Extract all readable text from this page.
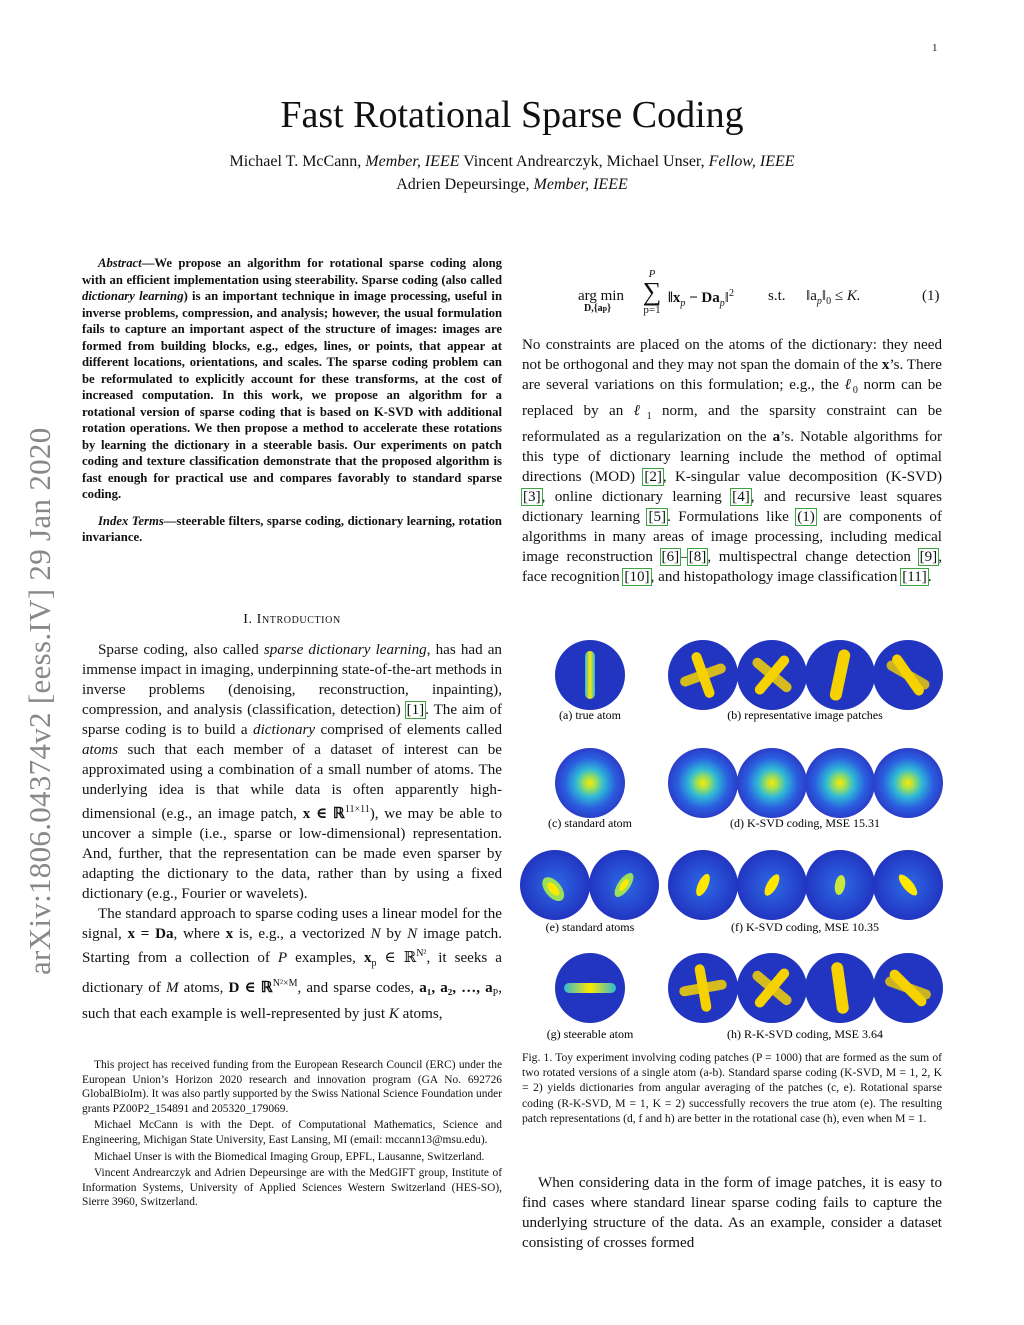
1
Fast Rotational Sparse Coding
Michael T. McCann, Member, IEEE Vincent Andrearczyk, Michael Unser, Fellow, IEEE
Adrien Depeursinge, Member, IEEE
arXiv:1806.04374v2 [eess.IV] 29 Jan 2020

Abstract—We propose an algorithm for rotational sparse coding along with an efficient implementation using steerability. Sparse coding (also called dictionary learning) is an important technique in image processing, useful in inverse problems, compression, and analysis; however, the usual formulation fails to capture an important aspect of the structure of images: images are formed from building blocks, e.g., edges, lines, or points, that appear at different locations, orientations, and scales. The sparse coding problem can be reformulated to explicitly account for these transforms, at the cost of increased computation. In this work, we propose an algorithm for a rotational version of sparse coding that is based on K-SVD with additional rotation operations. We then propose a method to accelerate these rotations by learning the dictionary in a steerable basis. Our experiments on patch coding and texture classification demonstrate that the proposed algorithm is fast enough for practical use and compares favorably to standard sparse coding.

Index Terms—steerable filters, sparse coding, dictionary learning, rotation invariance.

I. Introduction

Sparse coding, also called sparse dictionary learning, has had an immense impact in imaging, underpinning state-of-the-art methods in inverse problems (denoising, reconstruction, inpainting), compression, and analysis (classification, detection) [1]. The aim of sparse coding is to build a dictionary comprised of elements called atoms such that each member of a dataset of interest can be approximated using a combination of a small number of atoms. The underlying idea is that while data is often apparently high-dimensional (e.g., an image patch, x ∈ ℝ$^{11\times 11}$), we may be able to uncover a simple (i.e., sparse or low-dimensional) representation. And, further, that the representation can be made even sparser by adapting the dictionary to the data, rather than by using a fixed dictionary (e.g., Fourier or wavelets).

The standard approach to sparse coding uses a linear model for the signal, x = Da, where x is, e.g., a vectorized N by N image patch. Starting from a collection of P examples, $x_p$ ∈ ℝ$^{N^2}$, it seeks a dictionary of M atoms, D ∈ ℝ$^{N^2\times M}$, and sparse codes, a₁, a₂, …, $a_P$, such that each example is well-represented by just K atoms,

This project has received funding from the European Research Council (ERC) under the European Union’s Horizon 2020 research and innovation program (GA No. 692726 GlobalBioIm). It was also partly supported by the Swiss National Science Foundation under grants PZ00P2_154891 and 205320_179069.

Michael McCann is with the Dept. of Computational Mathematics, Science and Engineering, Michigan State University, East Lansing, MI (email: mccann13@msu.edu).

Michael Unser is with the Biomedical Imaging Group, EPFL, Lausanne, Switzerland.

Vincent Andrearczyk and Adrien Depeursinge are with the MedGIFT group, Institute of Information Systems, University of Applied Sciences Western Switzerland (HES-SO), Sierre 3960, Switzerland.

arg min
D,{ap}
P
∑
p=1
$‖x_p$ − $Da_p‖^2$ s.t. $‖a_p‖_0 \le K$.	(1)

No constraints are placed on the atoms of the dictionary: they need not be orthogonal and they may not span the domain of the x’s. There are several variations on this formulation; e.g., the ℓ$_0$ norm can be replaced by an ℓ$_1$ norm, and the sparsity constraint can be reformulated as a regularization on the a’s. Notable algorithms for this type of dictionary learning include the method of optimal directions (MOD) [2], K-singular value decomposition (K-SVD) [3], online dictionary learning [4], and recursive least squares dictionary learning [5]. Formulations like (1) are components of algorithms in many areas of image processing, including medical image reconstruction [6]–[8], multispectral change detection [9], face recognition [10], and histopathology image classification [11].

(a) true atom	(b) representative image patches
(c) standard atom	(d) K-SVD coding, MSE 15.31
(e) standard atoms	(f) K-SVD coding, MSE 10.35
(g) steerable atom	(h) R-K-SVD coding, MSE 3.64
Fig. 1. Toy experiment involving coding patches (P = 1000) that are formed as the sum of two rotated versions of a single atom (a-b). Standard sparse coding (K-SVD, M = 1, 2, K = 2) yields dictionaries from angular averaging of the patches (c, e). Rotational sparse coding (R-K-SVD, M = 1, K = 2) successfully recovers the true atom (e). The resulting patch representations (d, f and h) are better in the rotational case (h), even when M = 1.

When considering data in the form of image patches, it is easy to find cases where standard linear sparse coding fails to capture the underlying structure of the data. As an example, consider a dataset consisting of crosses formed
